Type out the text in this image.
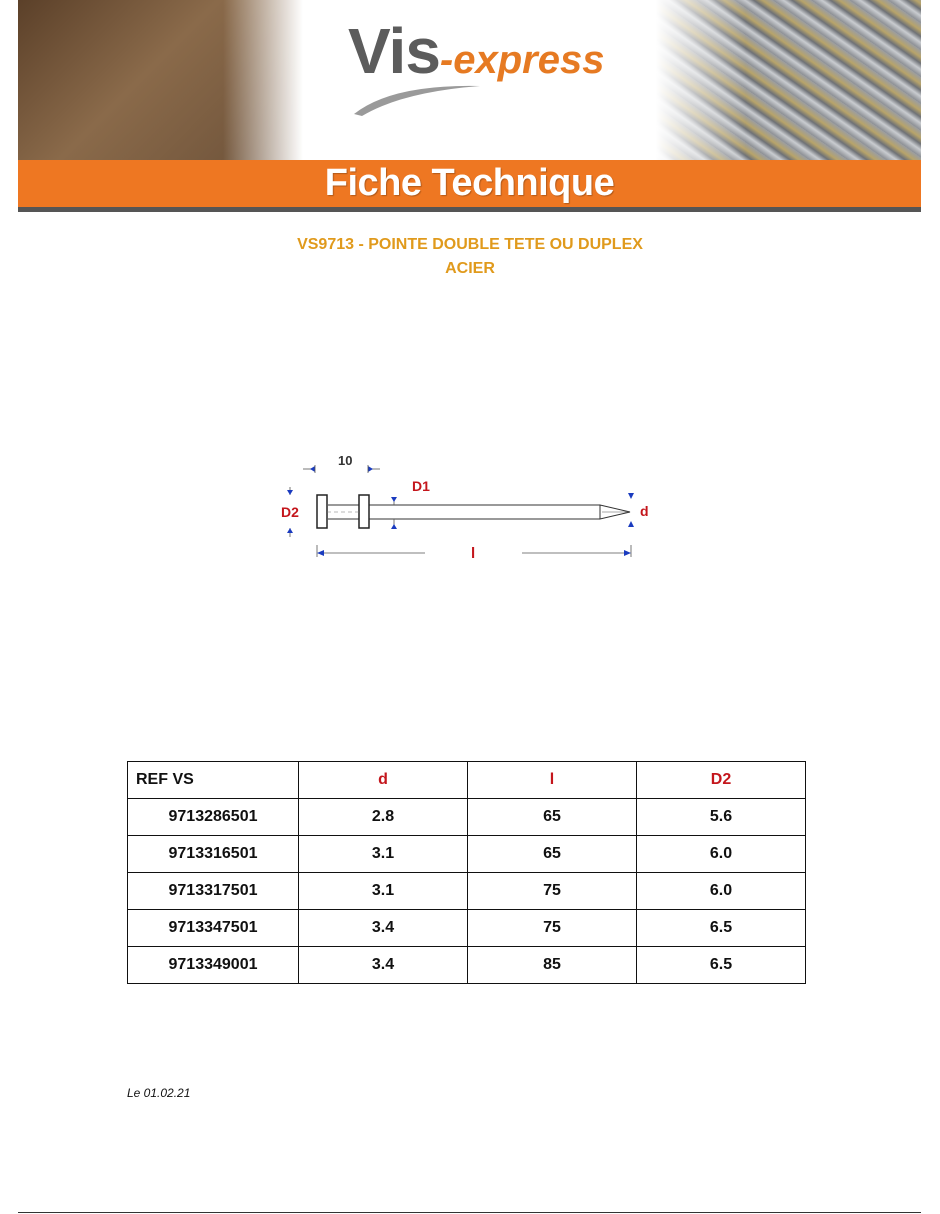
Vis-express
Fiche Technique
VS9713 - POINTE DOUBLE TETE OU DUPLEX
ACIER
10
D1
D2	d
l
REF VS	d	l	D2
9713286501	2.8	65	5.6
9713316501	3.1	65	6.0
9713317501	3.1	75	6.0
9713347501	3.4	75	6.5
9713349001	3.4	85	6.5
Le 01.02.21
